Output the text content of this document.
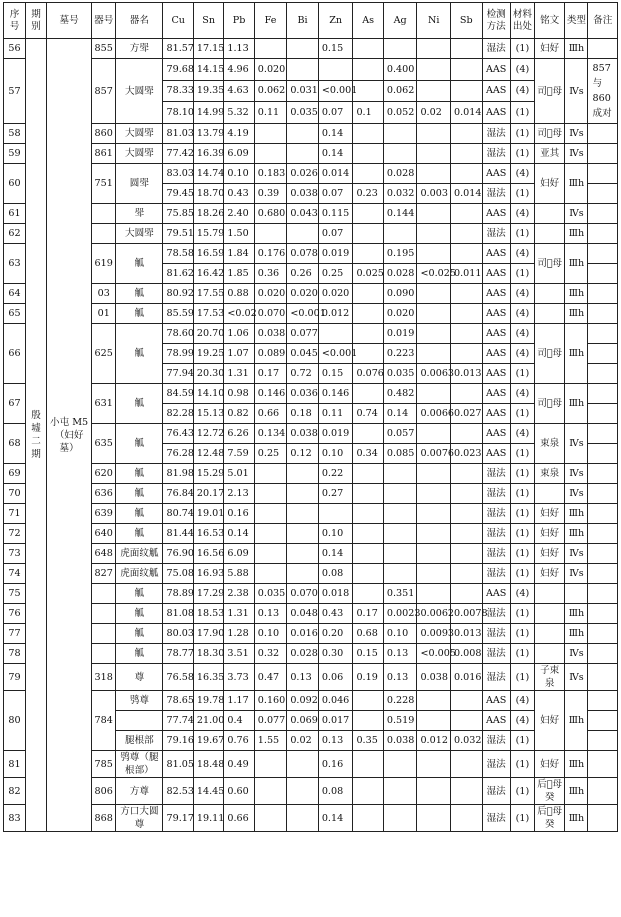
序号	期别	墓号	器号	器名	Cu	Sn	Pb	Fe	Bi	Zn	As	Ag	Ni	Sb	检测方法	材料出处	铭文	类型	备注
56	殷墟二期	小屯 M5（妇好墓）	855	方斝	81.57	17.15	1.13			0.15					湿法	(1)	妇好	Ⅲh	
57			857	大圆斝	79.68	14.15	4.96	0.020				0.400			AAS	(4)	司𫹉母	Ⅳs	857 与 860 成对
					78.33	19.35	4.63	0.062	0.031	<0.001		0.062			AAS	(4)			
					78.10	14.99	5.32	0.11	0.035	0.07	0.1	0.052	0.02	0.014	AAS	(1)			
58			860	大圆斝	81.03	13.79	4.19			0.14					湿法	(1)	司𫹉母	Ⅳs	
59			861	大圆斝	77.42	16.39	6.09			0.14					湿法	(1)	亚其	Ⅳs	
60			751	圆斝	83.03	14.74	0.10	0.183	0.026	0.014		0.028			AAS	(4)	妇好	Ⅲh	
					79.45	18.70	0.43	0.39	0.038	0.07	0.23	0.032	0.003	0.014	湿法	(1)			
61				斝	75.85	18.26	2.40	0.680	0.043	0.115		0.144			AAS	(4)		Ⅳs	
62				大圆斝	79.51	15.79	1.50			0.07					湿法	(1)		Ⅲh	
63			619	觚	78.58	16.59	1.84	0.176	0.078	0.019		0.195			AAS	(4)	司𫹉母	Ⅲh	
					81.62	16.42	1.85	0.36	0.26	0.25	0.025	0.028	<0.025	0.011	AAS	(1)			
64			03	觚	80.92	17.55	0.88	0.020	0.020	0.020		0.090			AAS	(4)		Ⅲh	
65			01	觚	85.59	17.53	<0.02	0.070	<0.001	0.012		0.020			AAS	(4)		Ⅲh	
66			625	觚	78.60	20.70	1.06	0.038	0.077			0.019			AAS	(4)	司𫹉母	Ⅲh	
					78.99	19.25	1.07	0.089	0.045	<0.001		0.223			AAS	(4)			
					77.94	20.30	1.31	0.17	0.72	0.15	0.076	0.035	0.0063	0.013	AAS	(1)			
67			631	觚	84.59	14.10	0.98	0.146	0.036	0.146		0.482			AAS	(4)	司𫹉母	Ⅲh	
					82.28	15.13	0.82	0.66	0.18	0.11	0.74	0.14	0.0066	0.027	AAS	(1)			
68			635	觚	76.43	12.72	6.26	0.134	0.038	0.019		0.057			AAS	(4)	束泉	Ⅳs	
					76.28	12.48	7.59	0.25	0.12	0.10	0.34	0.085	0.0076	0.023	AAS	(1)			
69			620	觚	81.98	15.29	5.01			0.22					湿法	(1)	束泉	Ⅳs	
70			636	觚	76.84	20.17	2.13			0.27					湿法	(1)		Ⅳs	
71			639	觚	80.74	19.01	0.16								湿法	(1)	妇好	Ⅲh	
72			640	觚	81.44	16.53	0.14			0.10					湿法	(1)	妇好	Ⅲh	
73			648	虎面纹觚	76.90	16.56	6.09			0.14					湿法	(1)	妇好	Ⅳs	
74			827	虎面纹觚	75.08	16.93	5.88			0.08					湿法	(1)	妇好	Ⅳs	
75				觚	78.89	17.29	2.38	0.035	0.070	0.018		0.351			AAS	(4)			
76				觚	81.08	18.53	1.31	0.13	0.048	0.43	0.17	0.0023	0.0062	0.0078	湿法	(1)		Ⅲh	
77				觚	80.03	17.90	1.28	0.10	0.016	0.20	0.68	0.10	0.0093	0.013	湿法	(1)		Ⅲh	
78				觚	78.77	18.30	3.51	0.32	0.028	0.30	0.15	0.13	<0.005	0.008	湿法	(1)		Ⅳs	
79			318	尊	76.58	16.35	3.73	0.47	0.13	0.06	0.19	0.13	0.038	0.016	湿法	(1)	子束泉	Ⅳs	
80			784	鸮尊	78.65	19.78	1.17	0.160	0.092	0.046		0.228			AAS	(4)	妇好	Ⅲh	
					77.74	21.00	0.4	0.077	0.069	0.017		0.519			AAS	(4)			
				腿根部	79.16	19.67	0.76	1.55	0.02	0.13	0.35	0.038	0.012	0.032	湿法	(1)			
81			785	鸮尊（腿根部）	81.05	18.48	0.49			0.16					湿法	(1)	妇好	Ⅲh	
82			806	方尊	82.53	14.45	0.60			0.08					湿法	(1)	后𫹉母癸	Ⅲh	
83			868	方口大圆尊	79.17	19.11	0.66			0.14					湿法	(1)	后𫹉母癸	Ⅲh	
